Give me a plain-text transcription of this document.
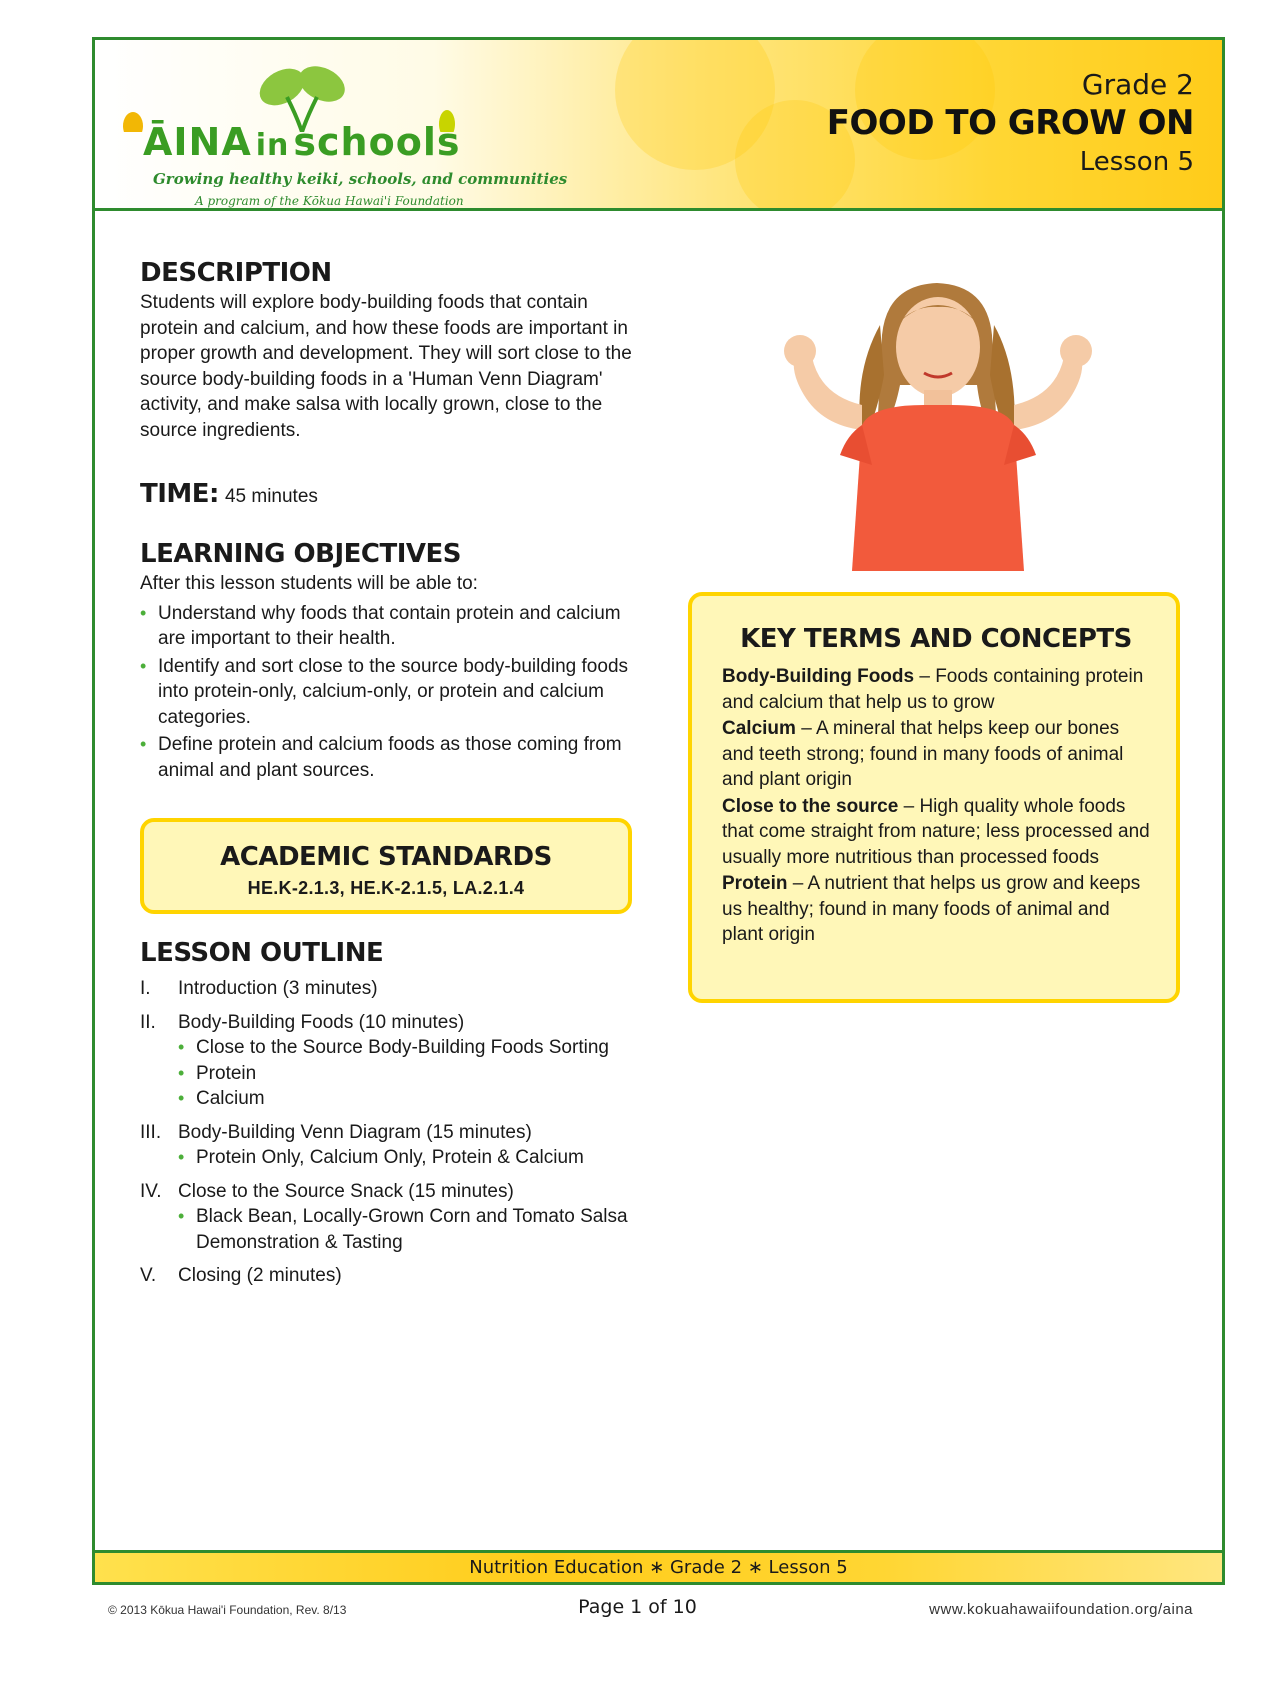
ĀINA in schools
Growing healthy keiki, schools, and communities
A program of the Kōkua Hawai'i Foundation
Grade 2
FOOD TO GROW ON
Lesson 5
DESCRIPTION

Students will explore body-building foods that contain protein and calcium, and how these foods are important in proper growth and development. They will sort close to the source body-building foods in a 'Human Venn Diagram' activity, and make salsa with locally grown, close to the source ingredients.

TIME: 45 minutes
LEARNING OBJECTIVES

After this lesson students will be able to:

• Understand why foods that contain protein and calcium are important to their health.
• Identify and sort close to the source body-building foods into protein-only, calcium-only, or protein and calcium categories.
• Define protein and calcium foods as those coming from animal and plant sources.
ACADEMIC STANDARDS
HE.K-2.1.3, HE.K-2.1.5, LA.2.1.4
LESSON OUTLINE
I.	Introduction (3 minutes)
II.	Body-Building Foods (10 minutes)
• Close to the Source Body-Building Foods Sorting
• Protein
• Calcium
III. Body-Building Venn Diagram (15 minutes)
• Protein Only, Calcium Only, Protein & Calcium
IV. Close to the Source Snack (15 minutes)
• Black Bean, Locally-Grown Corn and Tomato Salsa Demonstration & Tasting
V.	Closing (2 minutes)
KEY TERMS AND CONCEPTS
Body-Building Foods – Foods containing protein and calcium that help us to grow
Calcium – A mineral that helps keep our bones and teeth strong; found in many foods of animal and plant origin
Close to the source – High quality whole foods that come straight from nature; less processed and usually more nutritious than processed foods
Protein – A nutrient that helps us grow and keeps us healthy; found in many foods of animal and plant origin
Nutrition Education ∗ Grade 2 ∗ Lesson 5
© 2013 Kōkua Hawai'i Foundation, Rev. 8/13	Page 1 of 10	www.kokuahawaiifoundation.org/aina
